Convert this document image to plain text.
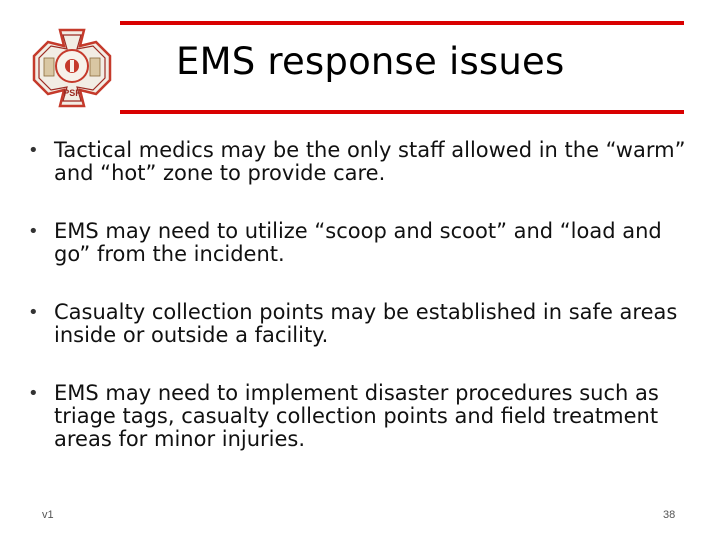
PSF
EMS response issues
• Tactical medics may be the only staff allowed in the “warm” and “hot” zone to provide care.
• EMS may need to utilize “scoop and scoot” and “load and go” from the incident.
• Casualty collection points may be established in safe areas inside or outside a facility.
• EMS may need to implement disaster procedures such as triage tags, casualty collection points and field treatment areas for minor injuries.
v1	38
